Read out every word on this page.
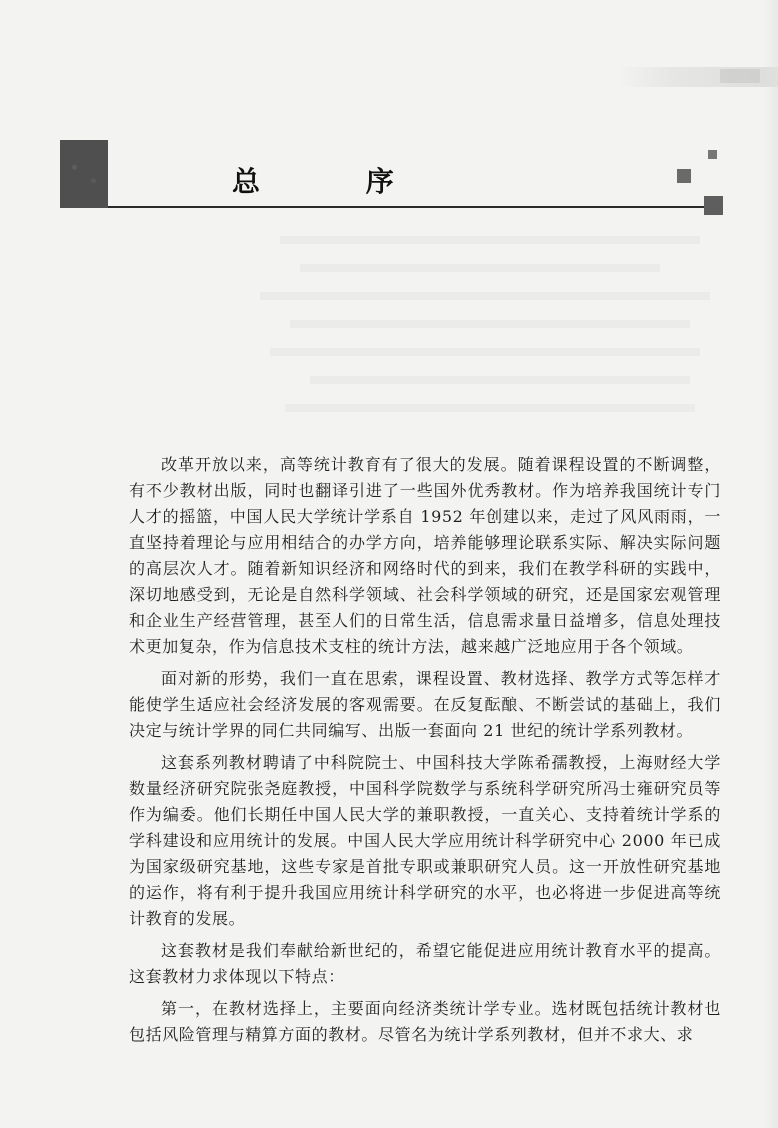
总 序

改革开放以来，高等统计教育有了很大的发展。随着课程设置的不断调整，有不少教材出版，同时也翻译引进了一些国外优秀教材。作为培养我国统计专门人才的摇篮，中国人民大学统计学系自 1952 年创建以来，走过了风风雨雨，一直坚持着理论与应用相结合的办学方向，培养能够理论联系实际、解决实际问题的高层次人才。随着新知识经济和网络时代的到来，我们在教学科研的实践中，深切地感受到，无论是自然科学领域、社会科学领域的研究，还是国家宏观管理和企业生产经营管理，甚至人们的日常生活，信息需求量日益增多，信息处理技术更加复杂，作为信息技术支柱的统计方法，越来越广泛地应用于各个领域。

面对新的形势，我们一直在思索，课程设置、教材选择、教学方式等怎样才能使学生适应社会经济发展的客观需要。在反复酝酿、不断尝试的基础上，我们决定与统计学界的同仁共同编写、出版一套面向 21 世纪的统计学系列教材。

这套系列教材聘请了中科院院士、中国科技大学陈希孺教授，上海财经大学数量经济研究院张尧庭教授，中国科学院数学与系统科学研究所冯士雍研究员等作为编委。他们长期任中国人民大学的兼职教授，一直关心、支持着统计学系的学科建设和应用统计的发展。中国人民大学应用统计科学研究中心 2000 年已成为国家级研究基地，这些专家是首批专职或兼职研究人员。这一开放性研究基地的运作，将有利于提升我国应用统计科学研究的水平，也必将进一步促进高等统计教育的发展。

这套教材是我们奉献给新世纪的，希望它能促进应用统计教育水平的提高。这套教材力求体现以下特点：

第一，在教材选择上，主要面向经济类统计学专业。选材既包括统计教材也包括风险管理与精算方面的教材。尽管名为统计学系列教材，但并不求大、求
